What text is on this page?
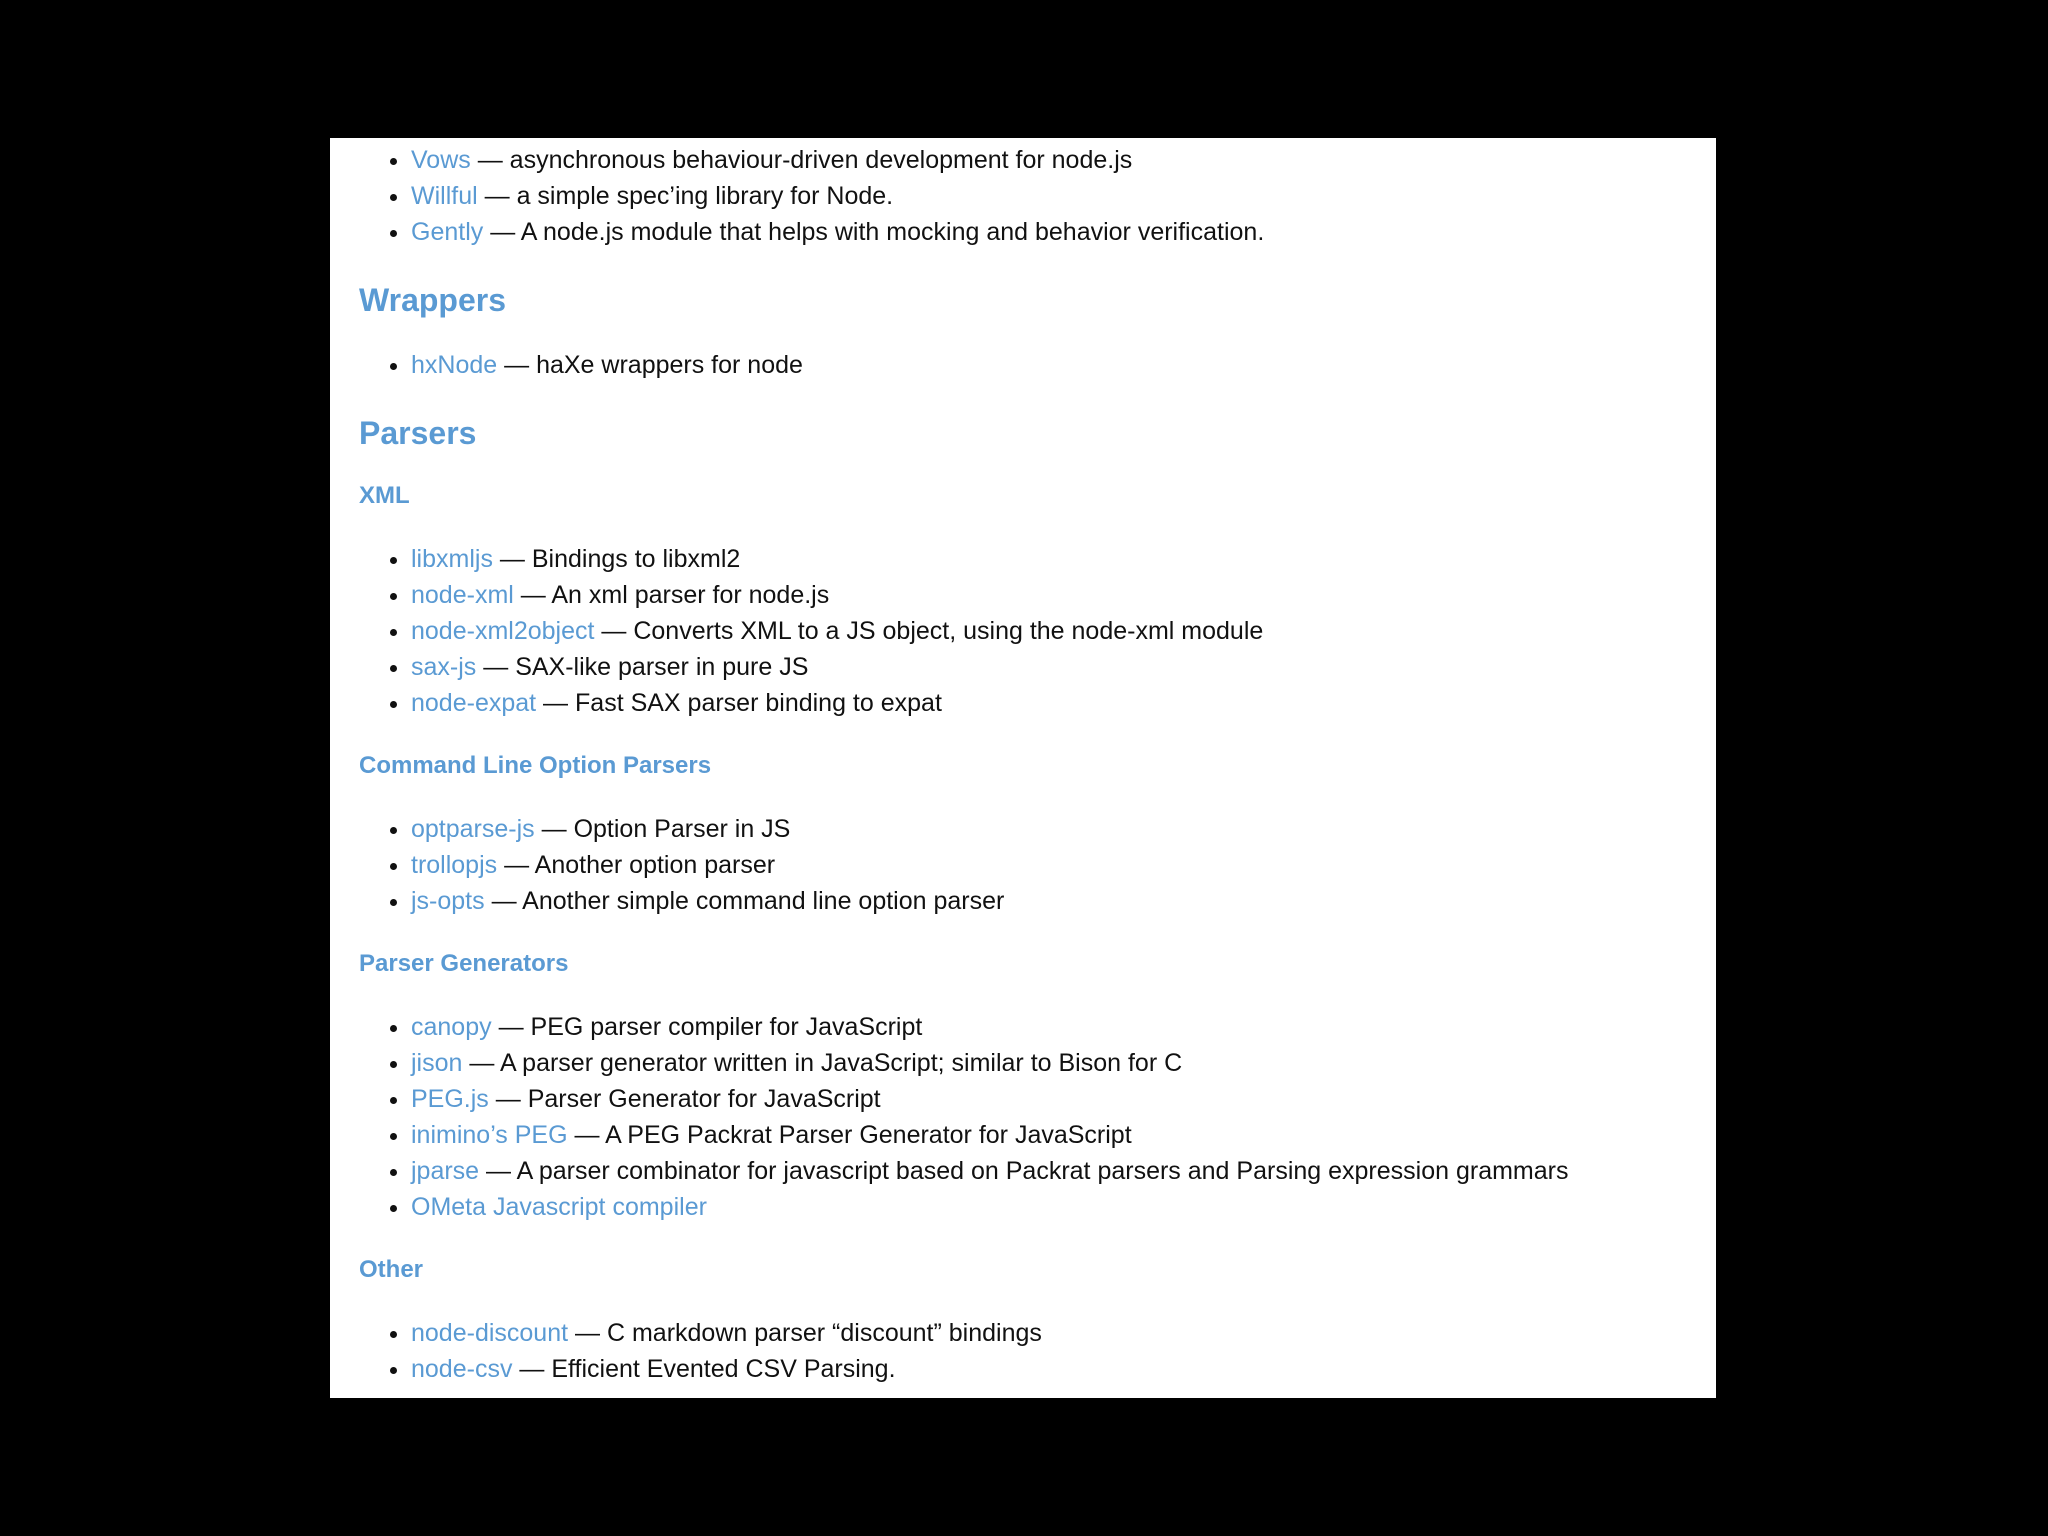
• Vows — asynchronous behaviour-driven development for node.js
• Willful — a simple spec’ing library for Node.
• Gently — A node.js module that helps with mocking and behavior verification.
Wrappers
• hxNode — haXe wrappers for node
Parsers
XML
• libxmljs — Bindings to libxml2
• node-xml — An xml parser for node.js
• node-xml2object — Converts XML to a JS object, using the node-xml module
• sax-js — SAX-like parser in pure JS
• node-expat — Fast SAX parser binding to expat
Command Line Option Parsers
• optparse-js — Option Parser in JS
• trollopjs — Another option parser
• js-opts — Another simple command line option parser
Parser Generators
• canopy — PEG parser compiler for JavaScript
• jison — A parser generator written in JavaScript; similar to Bison for C
• PEG.js — Parser Generator for JavaScript
• inimino’s PEG — A PEG Packrat Parser Generator for JavaScript
• jparse — A parser combinator for javascript based on Packrat parsers and Parsing expression grammars
• OMeta Javascript compiler
Other
• node-discount — C markdown parser “discount” bindings
• node-csv — Efficient Evented CSV Parsing.
